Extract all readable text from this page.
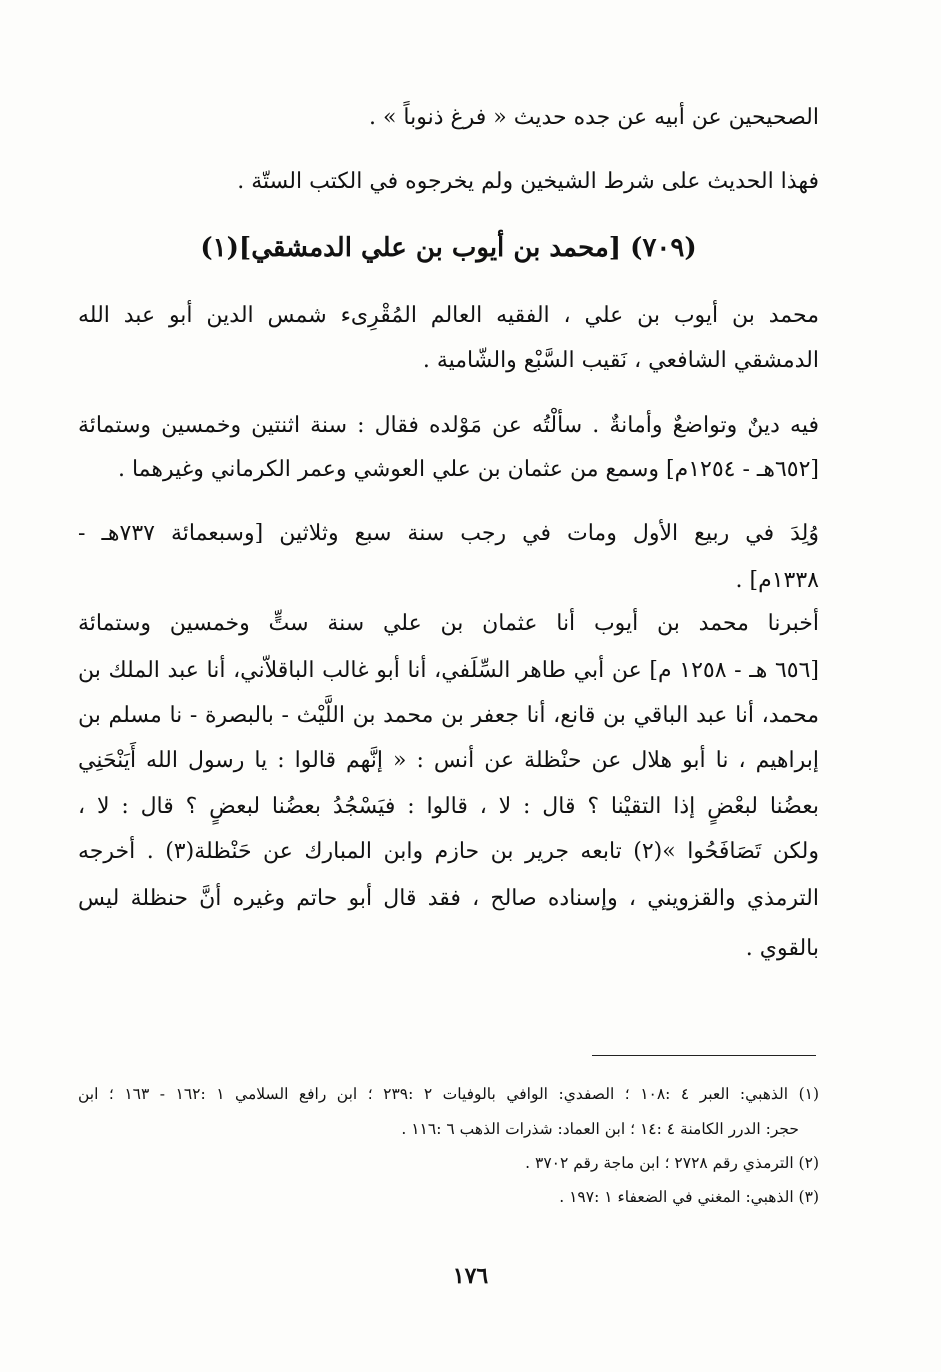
الصحيحين عن أبيه عن جده حديث « فرغ ذنوباً » .
فهذا الحديث على شرط الشيخين ولم يخرجوه في الكتب الستّة .
(٧٠٩) [محمد بن أيوب بن علي الدمشقي](١)
محمد بن أيوب بن علي ، الفقيه العالم المُقْرِىء شمس الدين أبو عبد الله
الدمشقي الشافعي ، نَقيب السَّبْع والشّامية .
فيه دينٌ وتواضعٌ وأمانةٌ . سألْتُه عن مَوْلده فقال : سنة اثنتين وخمسين وستمائة
[٦٥٢هـ - ١٢٥٤م] وسمع من عثمان بن علي العوشي وعمر الكرماني وغيرهما .
وُلِدَ في ربيع الأول ومات في رجب سنة سبع وثلاثين [وسبعمائة ٧٣٧هـ -
١٣٣٨م] .
أخبرنا محمد بن أيوب أنا عثمان بن علي سنة ستٍّ وخمسين وستمائة
[٦٥٦ هـ - ١٢٥٨ م] عن أبي طاهر السِّلَفي، أنا أبو غالب الباقلاّني، أنا عبد الملك بن
محمد، أنا عبد الباقي بن قانع، أنا جعفر بن محمد بن اللَّيْث - بالبصرة - نا مسلم بن
إبراهيم ، نا أبو هلال عن حنْظلة عن أنس : « إنَّهم قالوا : يا رسول الله أَيَنْحَنِي
بعضُنا لبعْضٍ إذا التقيْنا ؟ قال : لا ، قالوا : فيَسْجُدُ بعضُنا لبعضٍ ؟ قال : لا ،
ولكن تَصَافَحُوا »(٢) تابعه جرير بن حازم وابن المبارك عن حَنْظلة(٣) . أخرجه
الترمذي والقزويني ، وإسناده صالح ، فقد قال أبو حاتم وغيره أنَّ حنظلة ليس
بالقوي .
(١) الذهبي: العبر ٤ :١٠٨ ؛ الصفدي: الوافي بالوفيات ٢ :٢٣٩ ؛ ابن رافع السلامي ١ :١٦٢ - ١٦٣ ؛ ابن
حجر: الدرر الكامنة ٤ :١٤ ؛ ابن العماد: شذرات الذهب ٦ :١١٦ .
(٢) الترمذي رقم ٢٧٢٨ ؛ ابن ماجة رقم ٣٧٠٢ .
(٣) الذهبي: المغني في الضعفاء ١ :١٩٧ .
١٧٦
